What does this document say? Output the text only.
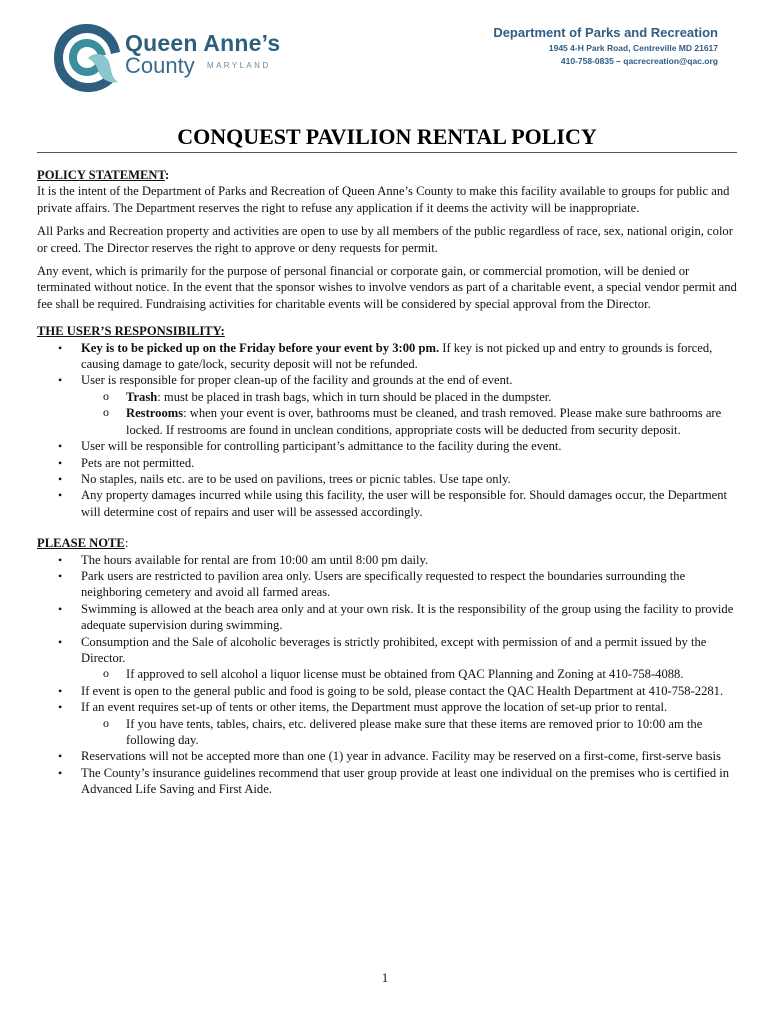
Queen Anne’s
County MARYLAND
Department of Parks and Recreation
1945 4-H Park Road, Centreville MD 21617
410-758-0835 – qacrecreation@qac.org
CONQUEST PAVILION RENTAL POLICY
POLICY STATEMENT:

It is the intent of the Department of Parks and Recreation of Queen Anne’s County to make this facility available to groups for public and private affairs. The Department reserves the right to refuse any application if it deems the activity will be inappropriate.

All Parks and Recreation property and activities are open to use by all members of the public regardless of race, sex, national origin, color or creed. The Director reserves the right to approve or deny requests for permit.

Any event, which is primarily for the purpose of personal financial or corporate gain, or commercial promotion, will be denied or terminated without notice. In the event that the sponsor wishes to involve vendors as part of a charitable event, a special vendor permit and fee shall be required. Fundraising activities for charitable events will be considered by special approval from the Director.

THE USER’S RESPONSIBILITY:
• Key is to be picked up on the Friday before your event by 3:00 pm. If key is not picked up and entry to grounds is forced, causing damage to gate/lock, security deposit will not be refunded.
• User is responsible for proper clean-up of the facility and grounds at the end of event.
o Trash: must be placed in trash bags, which in turn should be placed in the dumpster.
o Restrooms: when your event is over, bathrooms must be cleaned, and trash removed. Please make sure bathrooms are locked. If restrooms are found in unclean conditions, appropriate costs will be deducted from security deposit.
• User will be responsible for controlling participant’s admittance to the facility during the event.
• Pets are not permitted.
• No staples, nails etc. are to be used on pavilions, trees or picnic tables. Use tape only.
• Any property damages incurred while using this facility, the user will be responsible for. Should damages occur, the Department will determine cost of repairs and user will be assessed accordingly.
PLEASE NOTE:
• The hours available for rental are from 10:00 am until 8:00 pm daily.
• Park users are restricted to pavilion area only. Users are specifically requested to respect the boundaries surrounding the neighboring cemetery and avoid all farmed areas.
• Swimming is allowed at the beach area only and at your own risk. It is the responsibility of the group using the facility to provide adequate supervision during swimming.
• Consumption and the Sale of alcoholic beverages is strictly prohibited, except with permission of and a permit issued by the Director.
o If approved to sell alcohol a liquor license must be obtained from QAC Planning and Zoning at 410-758-4088.
• If event is open to the general public and food is going to be sold, please contact the QAC Health Department at 410-758-2281.
• If an event requires set-up of tents or other items, the Department must approve the location of set-up prior to rental.
o If you have tents, tables, chairs, etc. delivered please make sure that these items are removed prior to 10:00 am the following day.
• Reservations will not be accepted more than one (1) year in advance. Facility may be reserved on a first-come, first-serve basis
• The County’s insurance guidelines recommend that user group provide at least one individual on the premises who is certified in Advanced Life Saving and First Aide.
1
